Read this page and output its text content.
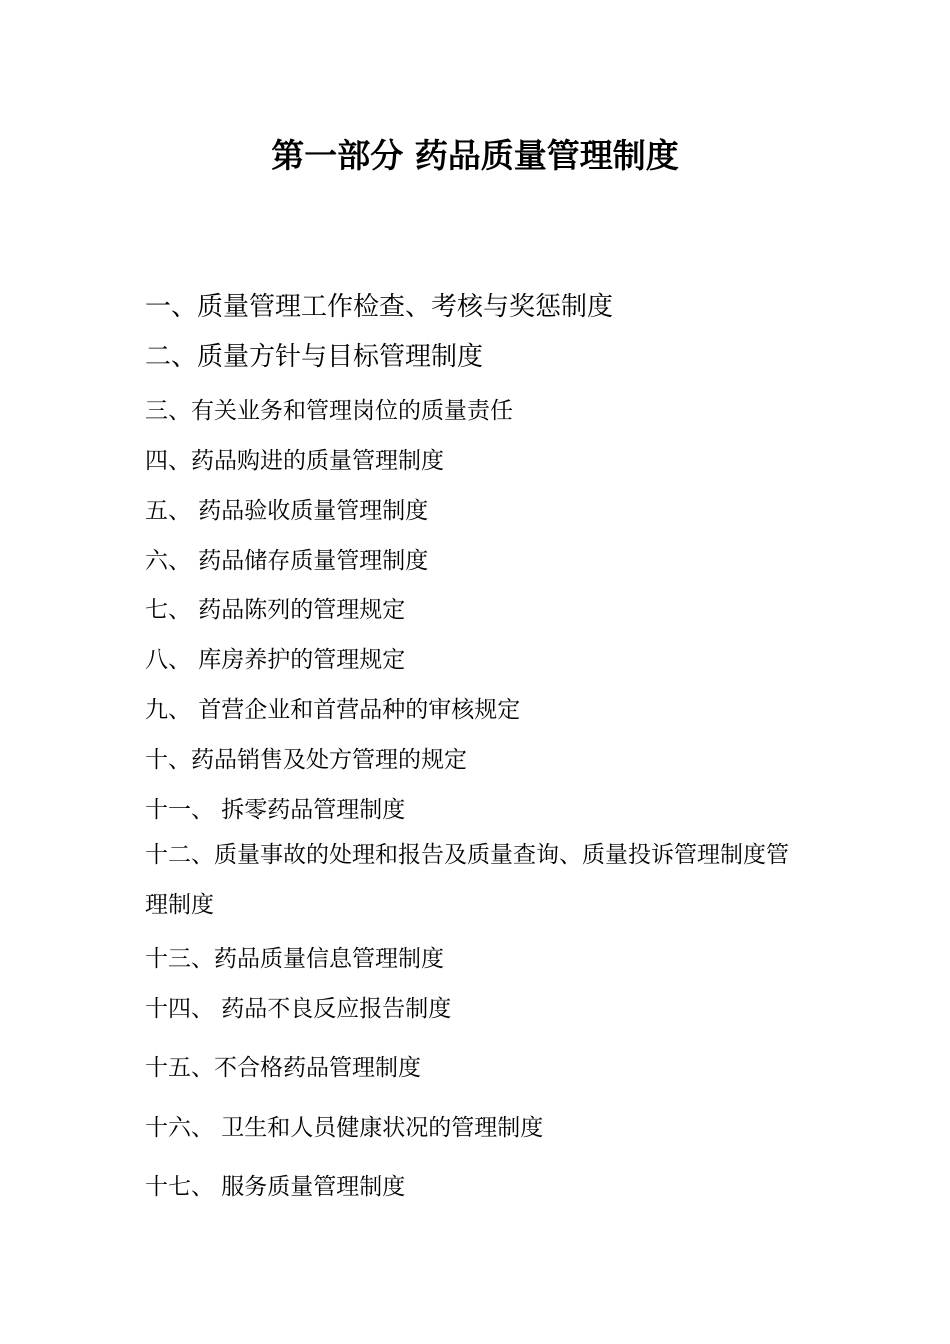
第一部分 药品质量管理制度

一、质量管理工作检查、考核与奖惩制度

二、质量方针与目标管理制度

三、有关业务和管理岗位的质量责任

四、药品购进的质量管理制度

五、 药品验收质量管理制度

六、 药品储存质量管理制度

七、 药品陈列的管理规定

八、 库房养护的管理规定

九、 首营企业和首营品种的审核规定

十、药品销售及处方管理的规定

十一、 拆零药品管理制度

十二、质量事故的处理和报告及质量查询、质量投诉管理制度管理制度

十三、药品质量信息管理制度

十四、 药品不良反应报告制度

十五、不合格药品管理制度

十六、 卫生和人员健康状况的管理制度

十七、 服务质量管理制度
